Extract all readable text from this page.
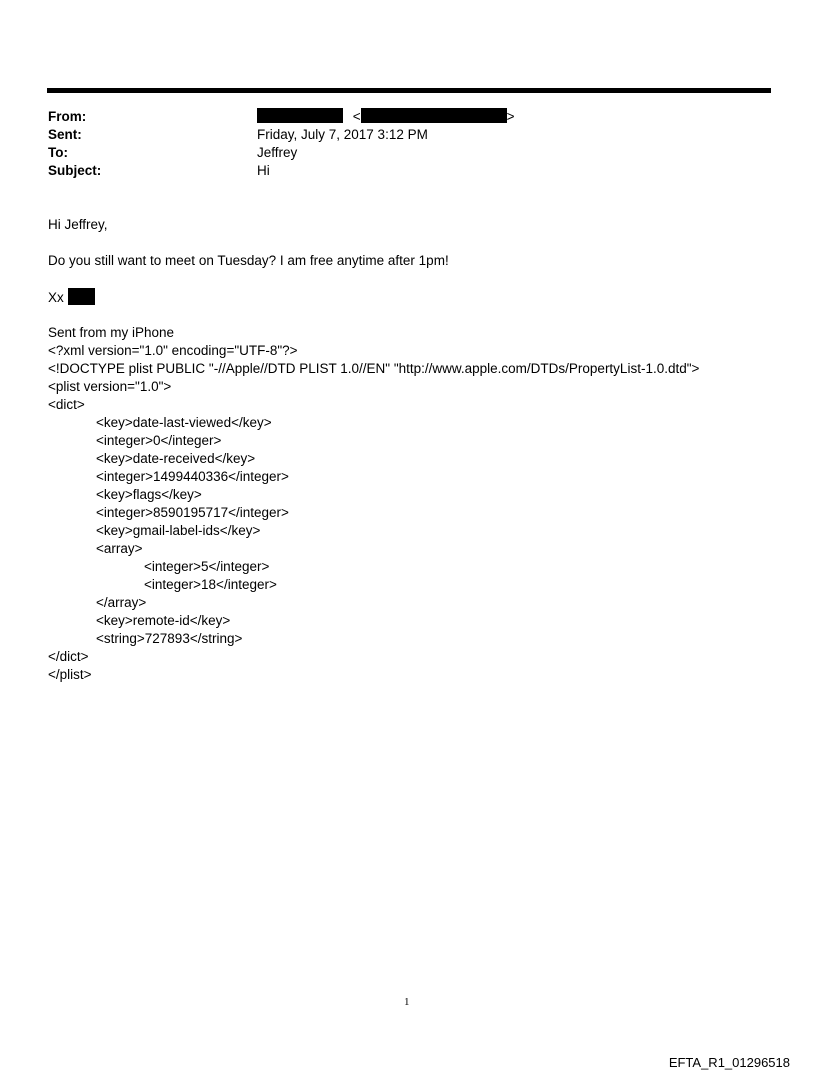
From:	<	>
Sent:	Friday, July 7, 2017 3:12 PM
To:	Jeffrey
Subject:	Hi
Hi Jeffrey,
Do you still want to meet on Tuesday? I am free anytime after 1pm!
Xx
Sent from my iPhone
<?xml version="1.0" encoding="UTF-8"?>
<!DOCTYPE plist PUBLIC "-//Apple//DTD PLIST 1.0//EN" "http://www.apple.com/DTDs/PropertyList-1.0.dtd">
<plist version="1.0">
<dict>
<key>date-last-viewed</key>
<integer>0</integer>
<key>date-received</key>
<integer>1499440336</integer>
<key>flags</key>
<integer>8590195717</integer>
<key>gmail-label-ids</key>
<array>
<integer>5</integer>
<integer>18</integer>
</array>
<key>remote-id</key>
<string>727893</string>
</dict>
</plist>
1
EFTA_R1_01296518
